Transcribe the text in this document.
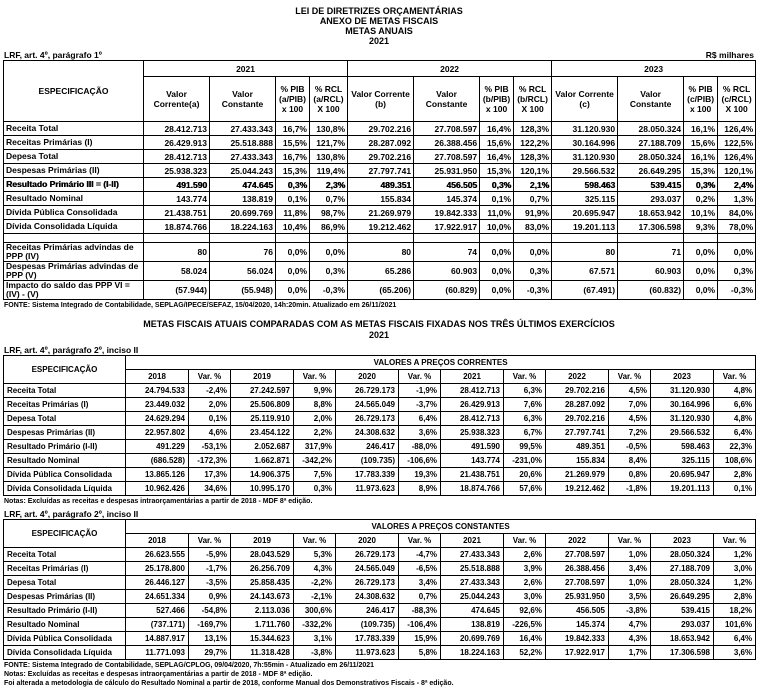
LEI DE DIRETRIZES ORÇAMENTÁRIAS
ANEXO DE METAS FISCAIS
METAS ANUAIS
2021
LRF, art. 4º, parágrafo 1º	R$ milhares
ESPECIFICAÇÃO	2021				2022				2023			
	Valor Corrente(a)	Valor Constante	% PIB (a/PIB) x 100	% RCL (a/RCL) X 100	Valor Corrente (b)	Valor Constante	% PIB (b/PIB) x 100	% RCL (b/RCL) X 100	Valor Corrente (c)	Valor Constante	% PIB (c/PIB) x 100	% RCL (c/RCL) X 100
Receita Total	28.412.713	27.433.343	16,7%	130,8%	29.702.216	27.708.597	16,4%	128,3%	31.120.930	28.050.324	16,1%	126,4%
Receitas Primárias (I)	26.429.913	25.518.888	15,5%	121,7%	28.287.092	26.388.456	15,6%	122,2%	30.164.996	27.188.709	15,6%	122,5%
Depesa Total	28.412.713	27.433.343	16,7%	130,8%	29.702.216	27.708.597	16,4%	128,3%	31.120.930	28.050.324	16,1%	126,4%
Despesas Primárias (II)	25.938.323	25.044.243	15,3%	119,4%	27.797.741	25.931.950	15,3%	120,1%	29.566.532	26.649.295	15,3%	120,1%
Resultado Primário III = (I-II)	491.590	474.645	0,3%	2,3%	489.351	456.505	0,3%	2,1%	598.463	539.415	0,3%	2,4%
Resultado Nominal	143.774	138.819	0,1%	0,7%	155.834	145.374	0,1%	0,7%	325.115	293.037	0,2%	1,3%
Dívida Pública Consolidada	21.438.751	20.699.769	11,8%	98,7%	21.269.979	19.842.333	11,0%	91,9%	20.695.947	18.653.942	10,1%	84,0%
Dívida Consolidada Líquida	18.874.766	18.224.163	10,4%	86,9%	19.212.462	17.922.917	10,0%	83,0%	19.201.113	17.306.598	9,3%	78,0%

Receitas Primárias advindas de PPP (IV)	80	76	0,0%	0,0%	80	74	0,0%	0,0%	80	71	0,0%	0,0%
Despesas Primárias advindas de PPP (V)	58.024	56.024	0,0%	0,3%	65.286	60.903	0,0%	0,3%	67.571	60.903	0,0%	0,3%
Impacto do saldo das PPP VI = (IV) - (V)	(57.944)	(55.948)	0,0%	-0,3%	(65.206)	(60.829)	0,0%	-0,3%	(67.491)	(60.832)	0,0%	-0,3%
FONTE: Sistema Integrado de Contabilidade, SEPLAG/IPECE/SEFAZ, 15/04/2020, 14h:20min. Atualizado em 26/11/2021
METAS FISCAIS ATUAIS COMPARADAS COM AS METAS FISCAIS FIXADAS NOS TRÊS ÚLTIMOS EXERCÍCIOS
2021
LRF, art. 4º, parágrafo 2º, inciso II
ESPECIFICAÇÃO	VALORES A PREÇOS CORRENTES											
	2018	Var. %	2019	Var. %	2020	Var. %	2021	Var. %	2022	Var. %	2023	Var. %
Receita Total	24.794.533	-2,4%	27.242.597	9,9%	26.729.173	-1,9%	28.412.713	6,3%	29.702.216	4,5%	31.120.930	4,8%
Receitas Primárias (I)	23.449.032	2,0%	25.506.809	8,8%	24.565.049	-3,7%	26.429.913	7,6%	28.287.092	7,0%	30.164.996	6,6%
Depesa Total	24.629.294	0,1%	25.119.910	2,0%	26.729.173	6,4%	28.412.713	6,3%	29.702.216	4,5%	31.120.930	4,8%
Despesas Primárias (II)	22.957.802	4,6%	23.454.122	2,2%	24.308.632	3,6%	25.938.323	6,7%	27.797.741	7,2%	29.566.532	6,4%
Resultado Primário (I-II)	491.229	-53,1%	2.052.687	317,9%	246.417	-88,0%	491.590	99,5%	489.351	-0,5%	598.463	22,3%
Resultado Nominal	(686.528)	-172,3%	1.662.871	-342,2%	(109.735)	-106,6%	143.774	-231,0%	155.834	8,4%	325.115	108,6%
Dívida Pública Consolidada	13.865.126	17,3%	14.906.375	7,5%	17.783.339	19,3%	21.438.751	20,6%	21.269.979	0,8%	20.695.947	2,8%
Dívida Consolidada Líquida	10.962.426	34,6%	10.995.170	0,3%	11.973.623	8,9%	18.874.766	57,6%	19.212.462	-1,8%	19.201.113	0,1%
Notas: Excluídas as receitas e despesas intraorçamentárias a partir de 2018 - MDF 8ª edição.
LRF, art. 4º, parágrafo 2º, inciso II
ESPECIFICAÇÃO	VALORES A PREÇOS CONSTANTES											
	2018	Var. %	2019	Var. %	2020	Var. %	2021	Var. %	2022	Var. %	2023	Var. %
Receita Total	26.623.555	-5,9%	28.043.529	5,3%	26.729.173	-4,7%	27.433.343	2,6%	27.708.597	1,0%	28.050.324	1,2%
Receitas Primárias (I)	25.178.800	-1,7%	26.256.709	4,3%	24.565.049	-6,5%	25.518.888	3,9%	26.388.456	3,4%	27.188.709	3,0%
Depesa Total	26.446.127	-3,5%	25.858.435	-2,2%	26.729.173	3,4%	27.433.343	2,6%	27.708.597	1,0%	28.050.324	1,2%
Despesas Primárias (II)	24.651.334	0,9%	24.143.673	-2,1%	24.308.632	0,7%	25.044.243	3,0%	25.931.950	3,5%	26.649.295	2,8%
Resultado Primário (I-II)	527.466	-54,8%	2.113.036	300,6%	246.417	-88,3%	474.645	92,6%	456.505	-3,8%	539.415	18,2%
Resultado Nominal	(737.171)	-169,7%	1.711.760	-332,2%	(109.735)	-106,4%	138.819	-226,5%	145.374	4,7%	293.037	101,6%
Dívida Pública Consolidada	14.887.917	13,1%	15.344.623	3,1%	17.783.339	15,9%	20.699.769	16,4%	19.842.333	4,3%	18.653.942	6,4%
Dívida Consolidada Líquida	11.771.093	29,7%	11.318.428	-3,8%	11.973.623	5,8%	18.224.163	52,2%	17.922.917	1,7%	17.306.598	3,6%
FONTE: Sistema Integrado de Contabilidade, SEPLAG/CPLOG, 09/04/2020, 7h:55min - Atualizado em 26/11/2021
Notas: Excluídas as receitas e despesas intraorçamentárias a partir de 2018 - MDF 8ª edição.
Foi alterada a metodologia de cálculo do Resultado Nominal a partir de 2018, conforme Manual dos Demonstrativos Fiscais - 8ª edição.
